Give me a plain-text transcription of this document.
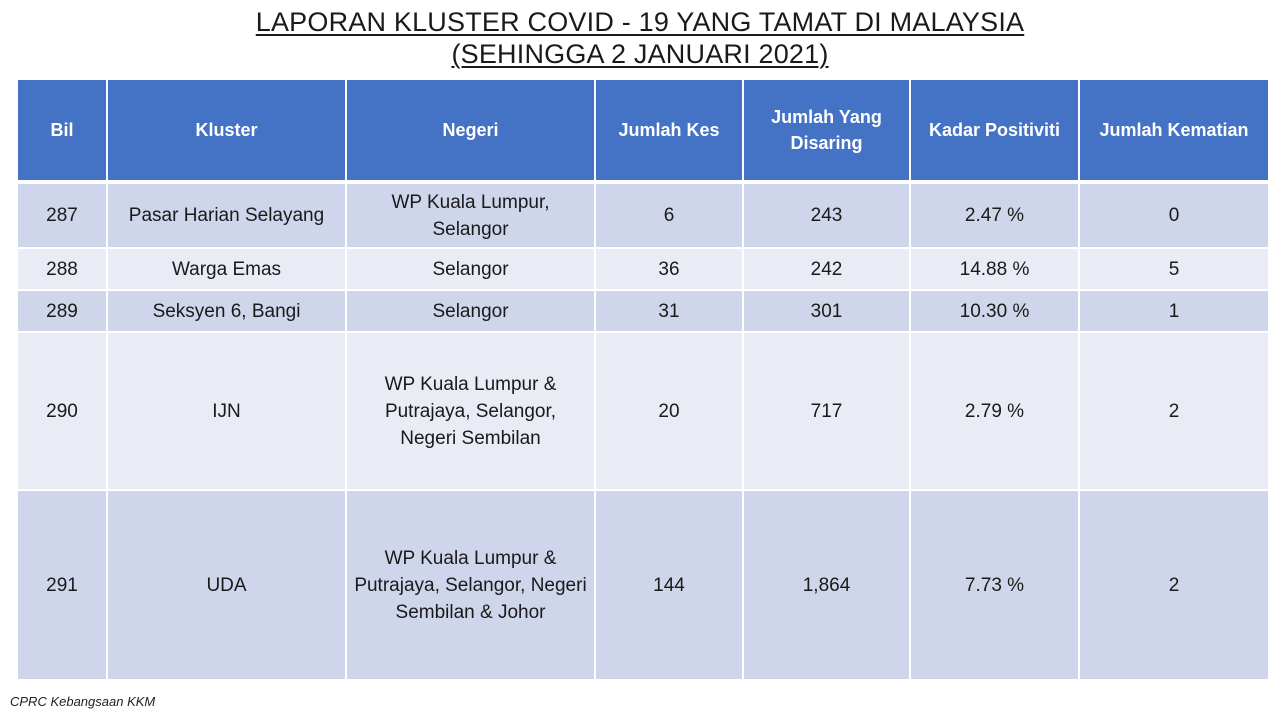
LAPORAN KLUSTER COVID - 19 YANG TAMAT DI MALAYSIA
(SEHINGGA 2 JANUARI 2021)
Bil	Kluster	Negeri	Jumlah Kes	Jumlah Yang Disaring	Kadar Positiviti	Jumlah Kematian
287	Pasar Harian Selayang	WP Kuala Lumpur, Selangor	6	243	2.47 %	0
288	Warga Emas	Selangor	36	242	14.88 %	5
289	Seksyen 6, Bangi	Selangor	31	301	10.30 %	1
290	IJN	WP Kuala Lumpur & Putrajaya, Selangor, Negeri Sembilan	20	717	2.79 %	2
291	UDA	WP Kuala Lumpur & Putrajaya, Selangor, Negeri Sembilan & Johor	144	1,864	7.73 %	2
CPRC Kebangsaan KKM
